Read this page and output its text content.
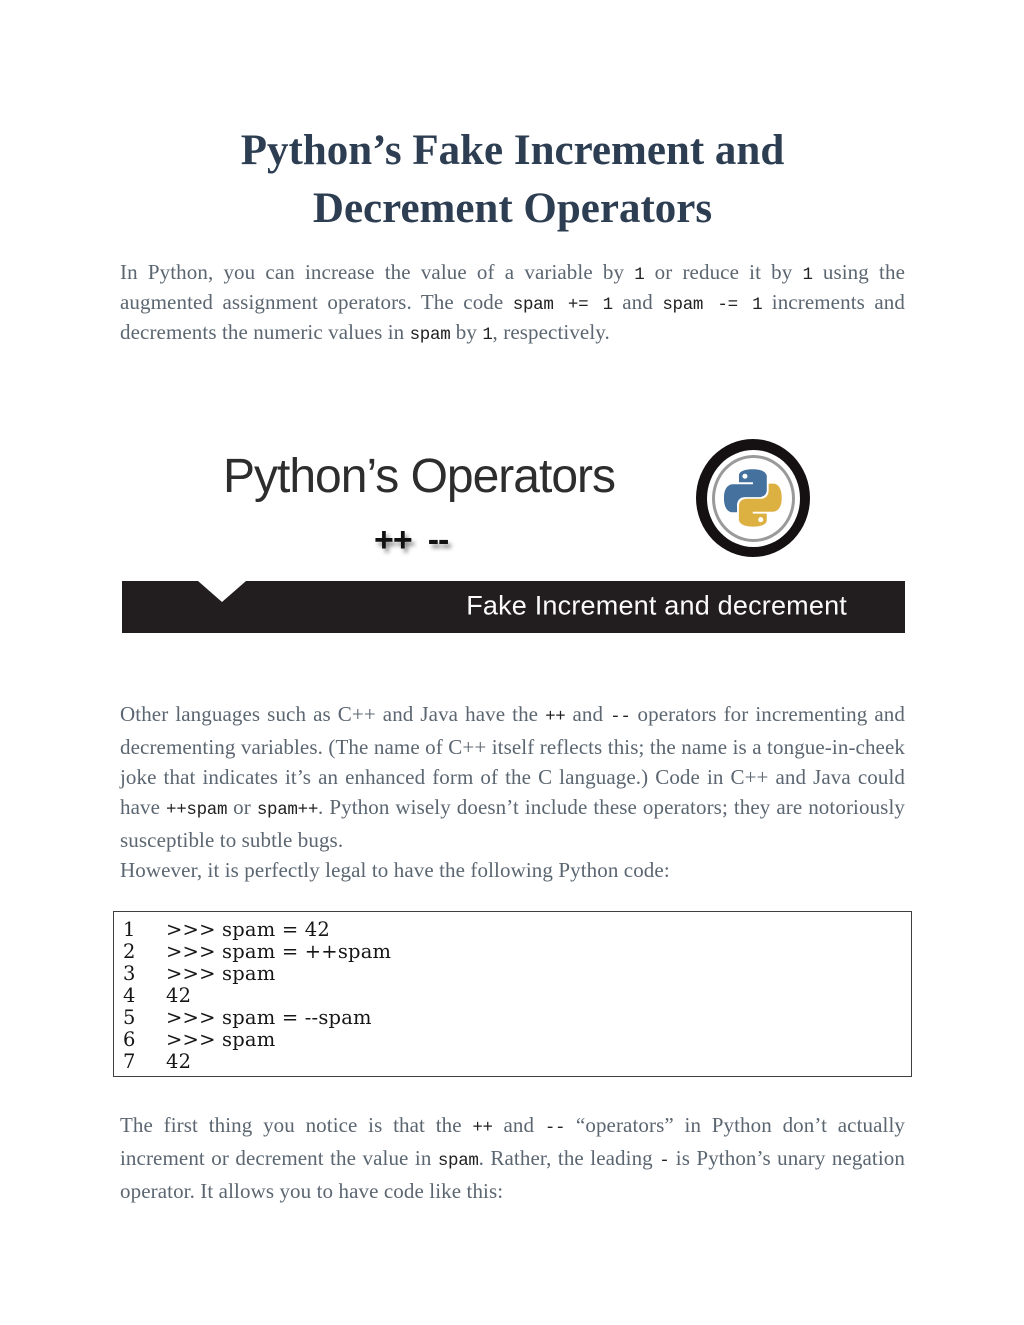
Python’s Fake Increment and
Decrement Operators

In Python, you can increase the value of a variable by 1 or reduce it by 1 using the augmented assignment operators. The code spam += 1 and spam -= 1 increments and decrements the numeric values in spam by 1, respectively.

Python’s Operators
++ --
Fake Increment and decrement

Other languages such as C++ and Java have the ++ and -- operators for incrementing and decrementing variables. (The name of C++ itself reflects this; the name is a tongue-in-cheek joke that indicates it’s an enhanced form of the C language.) Code in C++ and Java could have ++spam or spam++. Python wisely doesn’t include these operators; they are notoriously susceptible to subtle bugs.

However, it is perfectly legal to have the following Python code:

1	>>> spam = 42
2	>>> spam = ++spam
3	>>> spam
4	42
5	>>> spam = --spam
6	>>> spam
7	42

The first thing you notice is that the ++ and -- “operators” in Python don’t actually increment or decrement the value in spam. Rather, the leading - is Python’s unary negation operator. It allows you to have code like this:
